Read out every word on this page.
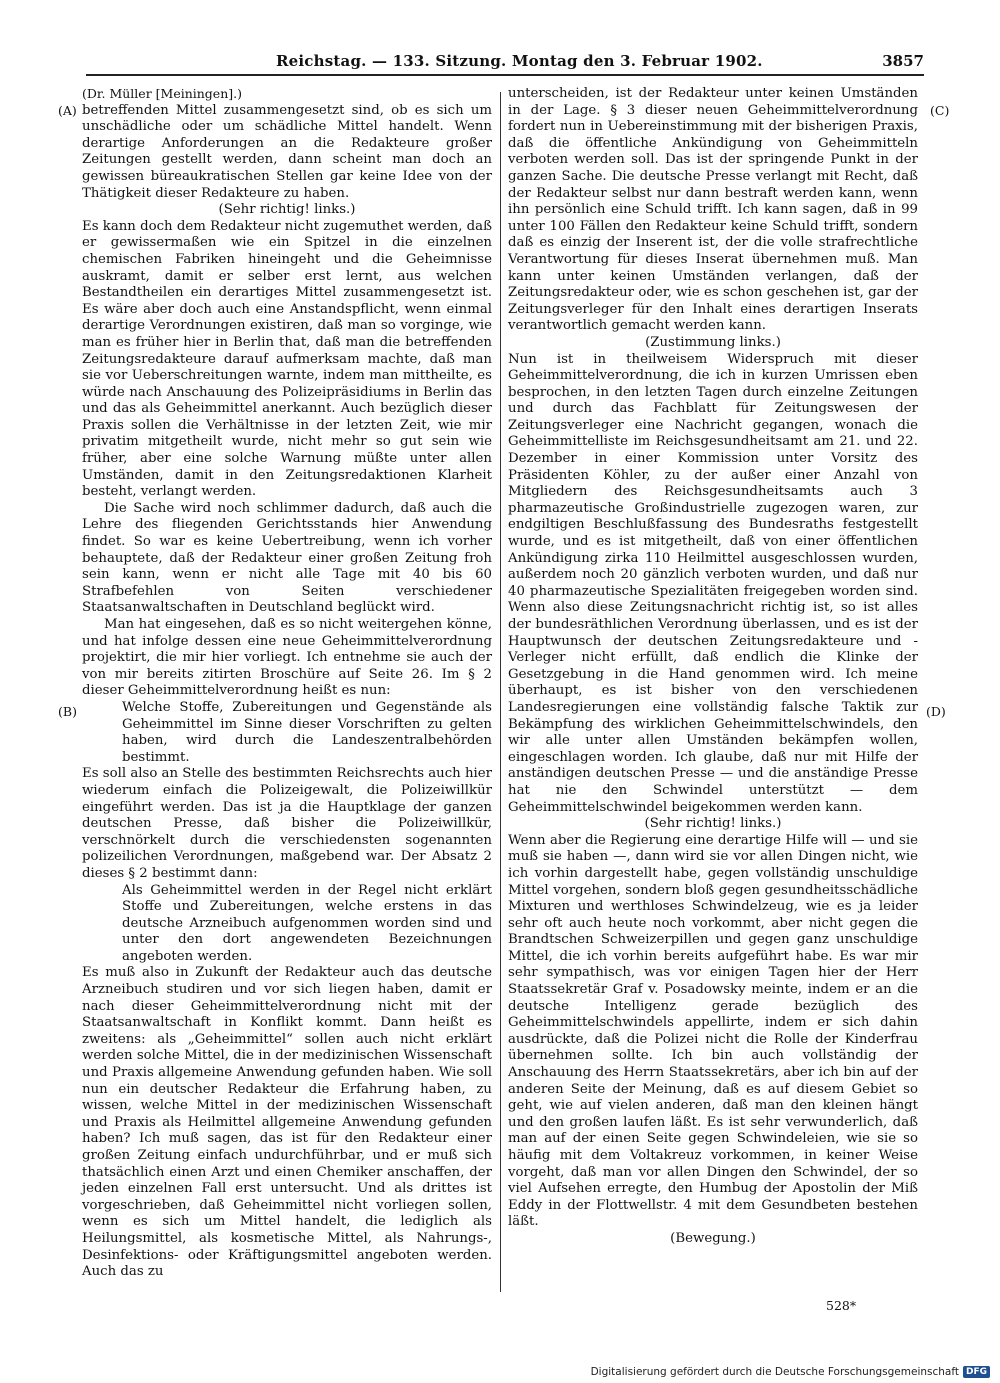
Reichstag. — 133. Sitzung. Montag den 3. Februar 1902.	3857
(A)
(B)
(C)
(D)

(Dr. Müller [Meiningen].)

betreffenden Mittel zusammengesetzt sind, ob es sich um unschädliche oder um schädliche Mittel handelt. Wenn derartige Anforderungen an die Redakteure großer Zeitungen gestellt werden, dann scheint man doch an gewissen büreaukratischen Stellen gar keine Idee von der Thätigkeit dieser Redakteure zu haben.

(Sehr richtig! links.)

Es kann doch dem Redakteur nicht zugemuthet werden, daß er gewissermaßen wie ein Spitzel in die einzelnen chemischen Fabriken hineingeht und die Geheimnisse auskramt, damit er selber erst lernt, aus welchen Bestandtheilen ein derartiges Mittel zusammengesetzt ist. Es wäre aber doch auch eine Anstandspflicht, wenn einmal derartige Verordnungen existiren, daß man so vorginge, wie man es früher hier in Berlin that, daß man die betreffenden Zeitungsredakteure darauf aufmerksam machte, daß man sie vor Ueberschreitungen warnte, indem man mittheilte, es würde nach Anschauung des Polizeipräsidiums in Berlin das und das als Geheimmittel anerkannt. Auch bezüglich dieser Praxis sollen die Verhältnisse in der letzten Zeit, wie mir privatim mitgetheilt wurde, nicht mehr so gut sein wie früher, aber eine solche Warnung müßte unter allen Umständen, damit in den Zeitungsredaktionen Klarheit besteht, verlangt werden.

Die Sache wird noch schlimmer dadurch, daß auch die Lehre des fliegenden Gerichtsstands hier Anwendung findet. So war es keine Uebertreibung, wenn ich vorher behauptete, daß der Redakteur einer großen Zeitung froh sein kann, wenn er nicht alle Tage mit 40 bis 60 Strafbefehlen von Seiten verschiedener Staatsanwaltschaften in Deutschland beglückt wird.

Man hat eingesehen, daß es so nicht weitergehen könne, und hat infolge dessen eine neue Geheimmittelverordnung projektirt, die mir hier vorliegt. Ich entnehme sie auch der von mir bereits zitirten Broschüre auf Seite 26. Im § 2 dieser Geheimmittelverordnung heißt es nun:

Welche Stoffe, Zubereitungen und Gegenstände als Geheimmittel im Sinne dieser Vorschriften zu gelten haben, wird durch die Landeszentralbehörden bestimmt.

Es soll also an Stelle des bestimmten Reichsrechts auch hier wiederum einfach die Polizeigewalt, die Polizeiwillkür eingeführt werden. Das ist ja die Hauptklage der ganzen deutschen Presse, daß bisher die Polizeiwillkür, verschnörkelt durch die verschiedensten sogenannten polizeilichen Verordnungen, maßgebend war. Der Absatz 2 dieses § 2 bestimmt dann:

Als Geheimmittel werden in der Regel nicht erklärt Stoffe und Zubereitungen, welche erstens in das deutsche Arzneibuch aufgenommen worden sind und unter den dort angewendeten Bezeichnungen angeboten werden.

Es muß also in Zukunft der Redakteur auch das deutsche Arzneibuch studiren und vor sich liegen haben, damit er nach dieser Geheimmittelverordnung nicht mit der Staatsanwaltschaft in Konflikt kommt. Dann heißt es zweitens: als „Geheimmittel“ sollen auch nicht erklärt werden solche Mittel, die in der medizinischen Wissenschaft und Praxis allgemeine Anwendung gefunden haben. Wie soll nun ein deutscher Redakteur die Erfahrung haben, zu wissen, welche Mittel in der medizinischen Wissenschaft und Praxis als Heilmittel allgemeine Anwendung gefunden haben? Ich muß sagen, das ist für den Redakteur einer großen Zeitung einfach undurchführbar, und er muß sich thatsächlich einen Arzt und einen Chemiker anschaffen, der jeden einzelnen Fall erst untersucht. Und als drittes ist vorgeschrieben, daß Geheimmittel nicht vorliegen sollen, wenn es sich um Mittel handelt, die lediglich als Heilungsmittel, als kosmetische Mittel, als Nahrungs-, Desinfektions- oder Kräftigungsmittel angeboten werden. Auch das zu

unterscheiden, ist der Redakteur unter keinen Umständen in der Lage. § 3 dieser neuen Geheimmittelverordnung fordert nun in Uebereinstimmung mit der bisherigen Praxis, daß die öffentliche Ankündigung von Geheimmitteln verboten werden soll. Das ist der springende Punkt in der ganzen Sache. Die deutsche Presse verlangt mit Recht, daß der Redakteur selbst nur dann bestraft werden kann, wenn ihn persönlich eine Schuld trifft. Ich kann sagen, daß in 99 unter 100 Fällen den Redakteur keine Schuld trifft, sondern daß es einzig der Inserent ist, der die volle strafrechtliche Verantwortung für dieses Inserat übernehmen muß. Man kann unter keinen Umständen verlangen, daß der Zeitungsredakteur oder, wie es schon geschehen ist, gar der Zeitungsverleger für den Inhalt eines derartigen Inserats verantwortlich gemacht werden kann.

(Zustimmung links.)

Nun ist in theilweisem Widerspruch mit dieser Geheimmittelverordnung, die ich in kurzen Umrissen eben besprochen, in den letzten Tagen durch einzelne Zeitungen und durch das Fachblatt für Zeitungswesen der Zeitungsverleger eine Nachricht gegangen, wonach die Geheimmittelliste im Reichsgesundheitsamt am 21. und 22. Dezember in einer Kommission unter Vorsitz des Präsidenten Köhler, zu der außer einer Anzahl von Mitgliedern des Reichsgesundheitsamts auch 3 pharmazeutische Großindustrielle zugezogen waren, zur endgiltigen Beschlußfassung des Bundesraths festgestellt wurde, und es ist mitgetheilt, daß von einer öffentlichen Ankündigung zirka 110 Heilmittel ausgeschlossen wurden, außerdem noch 20 gänzlich verboten wurden, und daß nur 40 pharmazeutische Spezialitäten freigegeben worden sind. Wenn also diese Zeitungsnachricht richtig ist, so ist alles der bundesräthlichen Verordnung überlassen, und es ist der Hauptwunsch der deutschen Zeitungsredakteure und -Verleger nicht erfüllt, daß endlich die Klinke der Gesetzgebung in die Hand genommen wird. Ich meine überhaupt, es ist bisher von den verschiedenen Landesregierungen eine vollständig falsche Taktik zur Bekämpfung des wirklichen Geheimmittelschwindels, den wir alle unter allen Umständen bekämpfen wollen, eingeschlagen worden. Ich glaube, daß nur mit Hilfe der anständigen deutschen Presse — und die anständige Presse hat nie den Schwindel unterstützt — dem Geheimmittelschwindel beigekommen werden kann.

(Sehr richtig! links.)

Wenn aber die Regierung eine derartige Hilfe will — und sie muß sie haben —, dann wird sie vor allen Dingen nicht, wie ich vorhin dargestellt habe, gegen vollständig unschuldige Mittel vorgehen, sondern bloß gegen gesundheitsschädliche Mixturen und werthloses Schwindelzeug, wie es ja leider sehr oft auch heute noch vorkommt, aber nicht gegen die Brandtschen Schweizerpillen und gegen ganz unschuldige Mittel, die ich vorhin bereits aufgeführt habe. Es war mir sehr sympathisch, was vor einigen Tagen hier der Herr Staatssekretär Graf v. Posadowsky meinte, indem er an die deutsche Intelligenz gerade bezüglich des Geheimmittelschwindels appellirte, indem er sich dahin ausdrückte, daß die Polizei nicht die Rolle der Kinderfrau übernehmen sollte. Ich bin auch vollständig der Anschauung des Herrn Staatssekretärs, aber ich bin auf der anderen Seite der Meinung, daß es auf diesem Gebiet so geht, wie auf vielen anderen, daß man den kleinen hängt und den großen laufen läßt. Es ist sehr verwunderlich, daß man auf der einen Seite gegen Schwindeleien, wie sie so häufig mit dem Voltakreuz vorkommen, in keiner Weise vorgeht, daß man vor allen Dingen den Schwindel, der so viel Aufsehen erregte, den Humbug der Apostolin der Miß Eddy in der Flottwellstr. 4 mit dem Gesundbeten bestehen läßt.

(Bewegung.)

528*
Digitalisierung gefördert durch die Deutsche Forschungsgemeinschaft DFG
